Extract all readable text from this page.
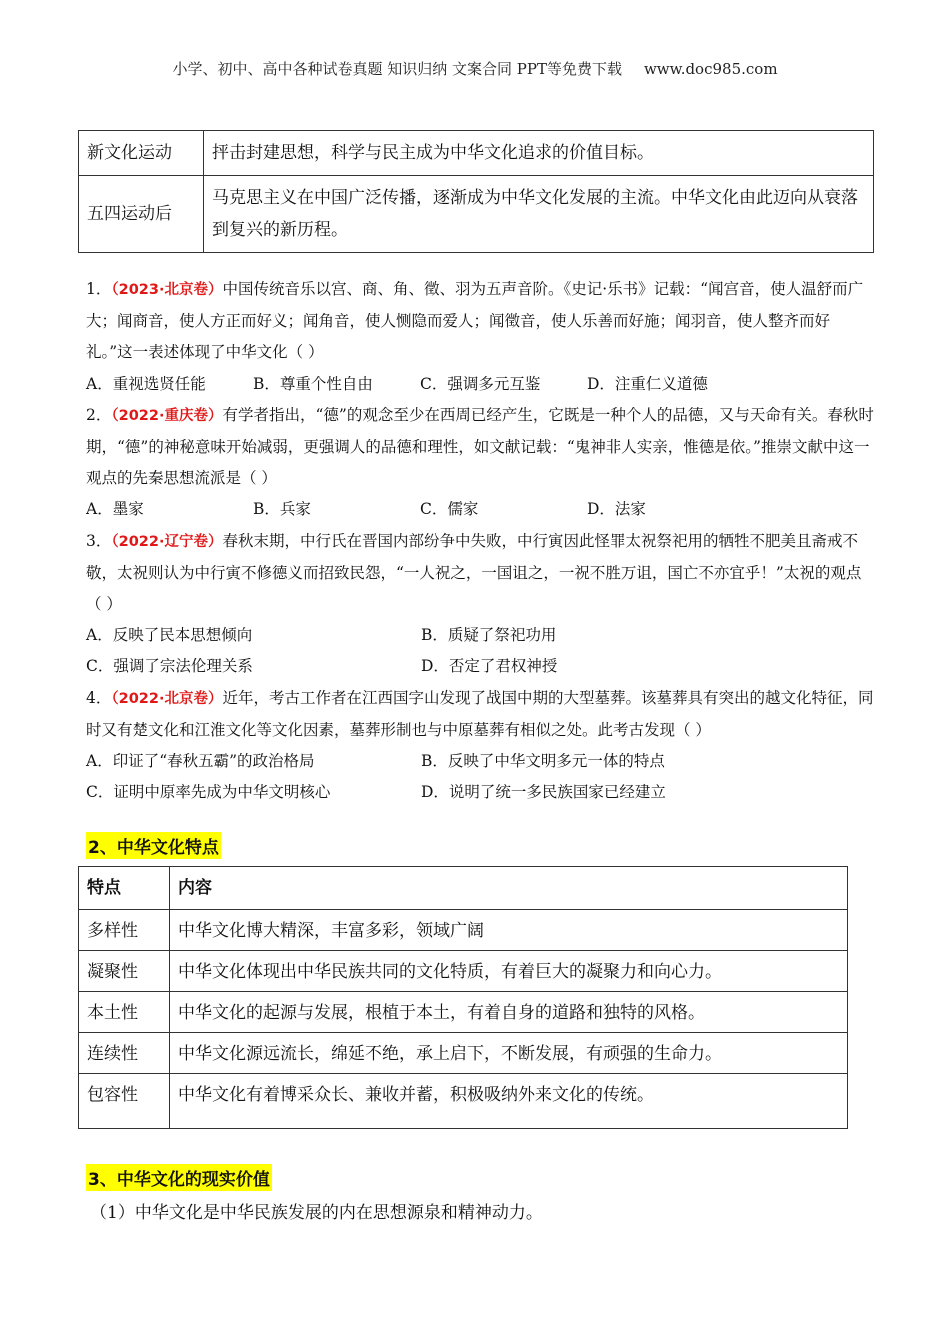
小学、初中、高中各种试卷真题 知识归纳 文案合同 PPT等免费下载 www.doc985.com
新文化运动	抨击封建思想，科学与民主成为中华文化追求的价值目标。
五四运动后	马克思主义在中国广泛传播，逐渐成为中华文化发展的主流。中华文化由此迈向从衰落到复兴的新历程。

1．（2023·北京卷）中国传统音乐以宫、商、角、徵、羽为五声音阶。《史记·乐书》记载：“闻宫音，使人温舒而广大；闻商音，使人方正而好义；闻角音，使人恻隐而爱人；闻徵音，使人乐善而好施；闻羽音，使人整齐而好礼。”这一表述体现了中华文化（ ）

A．重视选贤任能	B．尊重个性自由	C．强调多元互鉴	D．注重仁义道德

2．（2022·重庆卷）有学者指出，“德”的观念至少在西周已经产生，它既是一种个人的品德，又与天命有关。春秋时期，“德”的神秘意味开始减弱，更强调人的品德和理性，如文献记载：“鬼神非人实亲，惟德是依。”推崇文献中这一观点的先秦思想流派是（ ）

A．墨家	B．兵家	C．儒家	D．法家

3．（2022·辽宁卷）春秋末期，中行氏在晋国内部纷争中失败，中行寅因此怪罪太祝祭祀用的牺牲不肥美且斋戒不敬，太祝则认为中行寅不修德义而招致民怨，“一人祝之，一国诅之，一祝不胜万诅，国亡不亦宜乎！”太祝的观点（ ）

A．反映了民本思想倾向	B．质疑了祭祀功用
C．强调了宗法伦理关系	D．否定了君权神授

4．（2022·北京卷）近年，考古工作者在江西国字山发现了战国中期的大型墓葬。该墓葬具有突出的越文化特征，同时又有楚文化和江淮文化等文化因素，墓葬形制也与中原墓葬有相似之处。此考古发现（ ）

A．印证了“春秋五霸”的政治格局	B．反映了中华文明多元一体的特点
C．证明中原率先成为中华文明核心	D．说明了统一多民族国家已经建立
2、中华文化特点
特点	内容
多样性	中华文化博大精深，丰富多彩，领域广阔
凝聚性	中华文化体现出中华民族共同的文化特质，有着巨大的凝聚力和向心力。
本土性	中华文化的起源与发展，根植于本土，有着自身的道路和独特的风格。
连续性	中华文化源远流长，绵延不绝，承上启下，不断发展，有顽强的生命力。
包容性	中华文化有着博采众长、兼收并蓄，积极吸纳外来文化的传统。
3、中华文化的现实价值
（1）中华文化是中华民族发展的内在思想源泉和精神动力。
